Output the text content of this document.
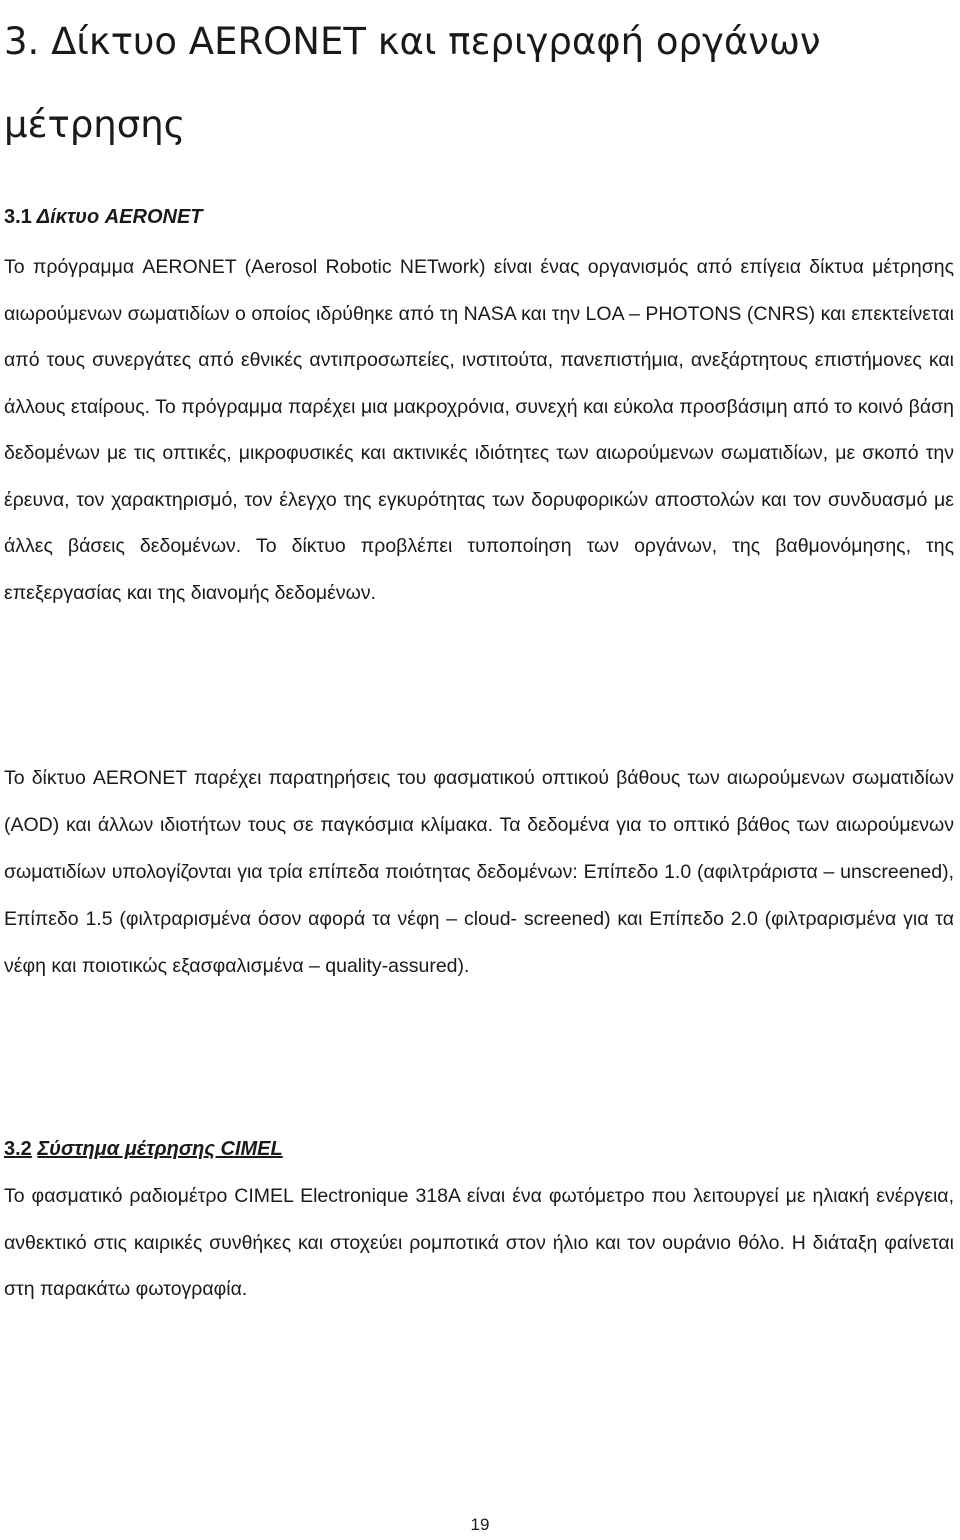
3. Δίκτυο AERONET και περιγραφή οργάνων μέτρησης
3.1 Δίκτυο AERONET

Το πρόγραμμα AERONET (Aerosol Robotic NETwork) είναι ένας οργανισμός από επίγεια δίκτυα μέτρησης αιωρούμενων σωματιδίων ο οποίος ιδρύθηκε από τη NASA και την LOA – PHOTONS (CNRS) και επεκτείνεται από τους συνεργάτες από εθνικές αντιπροσωπείες, ινστιτούτα, πανεπιστήμια, ανεξάρτητους επιστήμονες και άλλους εταίρους. Το πρόγραμμα παρέχει μια μακροχρόνια, συνεχή και εύκολα προσβάσιμη από το κοινό βάση δεδομένων με τις οπτικές, μικροφυσικές και ακτινικές ιδιότητες των αιωρούμενων σωματιδίων, με σκοπό την έρευνα, τον χαρακτηρισμό, τον έλεγχο της εγκυρότητας των δορυφορικών αποστολών και τον συνδυασμό με άλλες βάσεις δεδομένων. Το δίκτυο προβλέπει τυποποίηση των οργάνων, της βαθμονόμησης, της επεξεργασίας και της διανομής δεδομένων.

Το δίκτυο AERONET παρέχει παρατηρήσεις του φασματικού οπτικού βάθους των αιωρούμενων σωματιδίων (AOD) και άλλων ιδιοτήτων τους σε παγκόσμια κλίμακα. Τα δεδομένα για το οπτικό βάθος των αιωρούμενων σωματιδίων υπολογίζονται για τρία επίπεδα ποιότητας δεδομένων: Επίπεδο 1.0 (αφιλτράριστα – unscreened), Επίπεδο 1.5 (φιλτραρισμένα όσον αφορά τα νέφη – cloud- screened) και Επίπεδο 2.0 (φιλτραρισμένα για τα νέφη και ποιοτικώς εξασφαλισμένα – quality-assured).

3.2 Σύστημα μέτρησης CIMEL

Το φασματικό ραδιομέτρο CIMEL Electronique 318A είναι ένα φωτόμετρο που λειτουργεί με ηλιακή ενέργεια, ανθεκτικό στις καιρικές συνθήκες και στοχεύει ρομποτικά στον ήλιο και τον ουράνιο θόλο. Η διάταξη φαίνεται στη παρακάτω φωτογραφία.

19
